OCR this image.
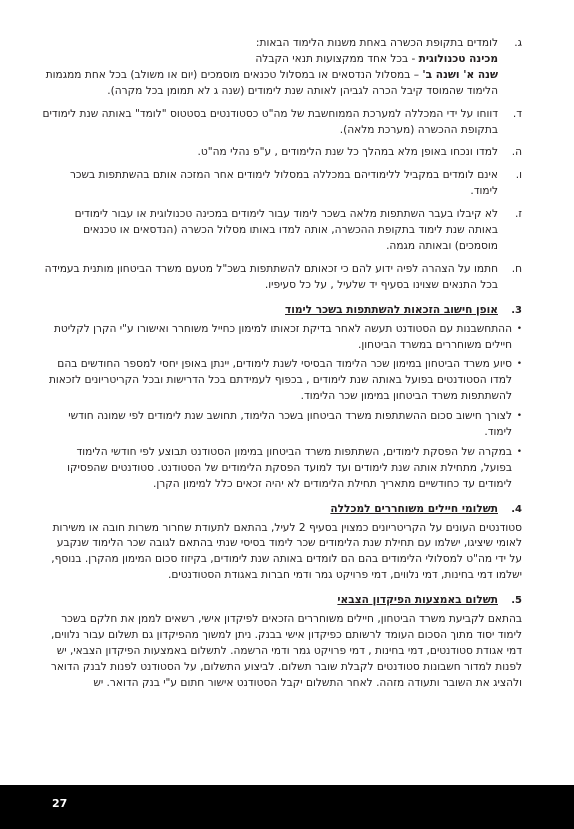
ג.

לומדים בתקופת הכשרה באחת משנות הלימוד הבאות:

מכינה טכנולוגית - בכל אחד ממקצועות תנאי הקבלה

שנה א' ושנה ב' – במסלול הנדסאים או במסלול טכנאים מוסמכים (יום או משולב) בכל אחת ממגמות הלימוד שהמוסד קיבל הכרה לגביהן לאותה שנת לימודים (שנה ג לא תמומן בכל מקרה).

ד.

דווחו על ידי המכללה למערכת הממוחשבת של מה"ט כסטודנטים בסטטוס "לומד" באותה שנת לימודים בתקופת ההכשרה (מערכת מלאה).

ה.

למדו ונכחו באופן מלא במהלך כל שנת הלימודים , ע"פ נהלי מה"ט.

ו.

אינם לומדים במקביל ללימודיהם במכללה במסלול לימודים אחר המזכה אותם בהשתתפות בשכר לימוד.

ז.

לא קיבלו בעבר השתתפות מלאה בשכר לימוד עבור לימודים במכינה טכנולוגית או עבור לימודים באותה שנת לימוד בתקופת ההכשרה, אותה למדו באותו מסלול הכשרה (הנדסאים או טכנאים מוסמכים) ובאותה מגמה.

ח.

חתמו על הצהרה לפיה ידוע להם כי זכאותם להשתתפות בשכ"ל מטעם משרד הביטחון מותנית בעמידה בכל התנאים שצוינו בסעיף יד שלעיל , על כל סעיפיו.

3.
אופן חישוב הזכאות להשתתפות בשכר לימוד
•

ההתחשבנות עם הסטודנט תעשה לאחר בדיקת זכאותו למימון כחייל משוחרר ואישורו ע"י הקרן לקליטת חיילים משוחררים במשרד הביטחון.

•

סיוע משרד הביטחון במימון שכר הלימוד הבסיסי לשנת לימודים, יינתן באופן יחסי למספר החודשים בהם למדו הסטודנטים בפועל באותה שנת לימודים , בכפוף לעמידתם בכל הדרישות ובכל הקריטריונים לזכאות להשתתפות משרד הביטחון במימון שכר הלימוד.

•

לצורך חישוב סכום ההשתתפות משרד הביטחון בשכר הלימוד, תחושב שנת לימודים לפי שמונה חודשי לימוד.

•

במקרה של הפסקת לימודים, השתתפות משרד הביטחון במימון הסטודנט תבוצע לפי חודשי הלימוד בפועל, מתחילת אותה שנת לימודים ועד למועד הפסקת הלימודים של הסטודנט. סטודנטים שהפסיקו לימודים עד כחודשיים מתאריך תחילת הלימודים לא יהיה זכאים כלל למימון הקרן.

4.
תשלומי חיילים משוחררים למכללה

סטודנטים העונים על הקריטריונים כמצוין בסעיף 2 לעיל, בהתאם לתעודת שחרור משרות חובה או משירות לאומי שיציגו, ישלמו עם תחילת שנת הלימודים שכר לימוד בסיסי שנתי בהתאם לגובה שכר הלימוד שנקבע על ידי מה"ט למסלולי הלימודים בהם הם לומדים באותה שנת לימודים, בקיזוז סכום המימון מהקרן. בנוסף, ישלמו דמי בחינות, דמי נלווים, דמי פרויקט גמר ודמי חברות באגודת הסטודנטים.

5.
תשלום באמצעות הפיקדון הצבאי

בהתאם לקביעת משרד הביטחון, חיילים משוחררים הזכאים לפיקדון אישי, רשאים לממן את חלקם בשכר לימוד יסוד מתוך הסכום העומד לרשותם כפיקדון אישי בבנק. ניתן למשוך מהפיקדון גם תשלום עבור נלווים, דמי אגודת סטודנטים, דמי בחינות , דמי פרויקט גמר ודמי הרשמה. לתשלום באמצעות הפיקדון הצבאי, יש לפנות למדור חשבונות סטודנטים לקבלת שובר תשלום. לביצוע התשלום, על הסטודנט לפנות לבנק הדואר ולהציג את השובר ותעודה מזהה. לאחר התשלום יקבל הסטודנט אישור חתום ע"י בנק הדואר. יש

27
